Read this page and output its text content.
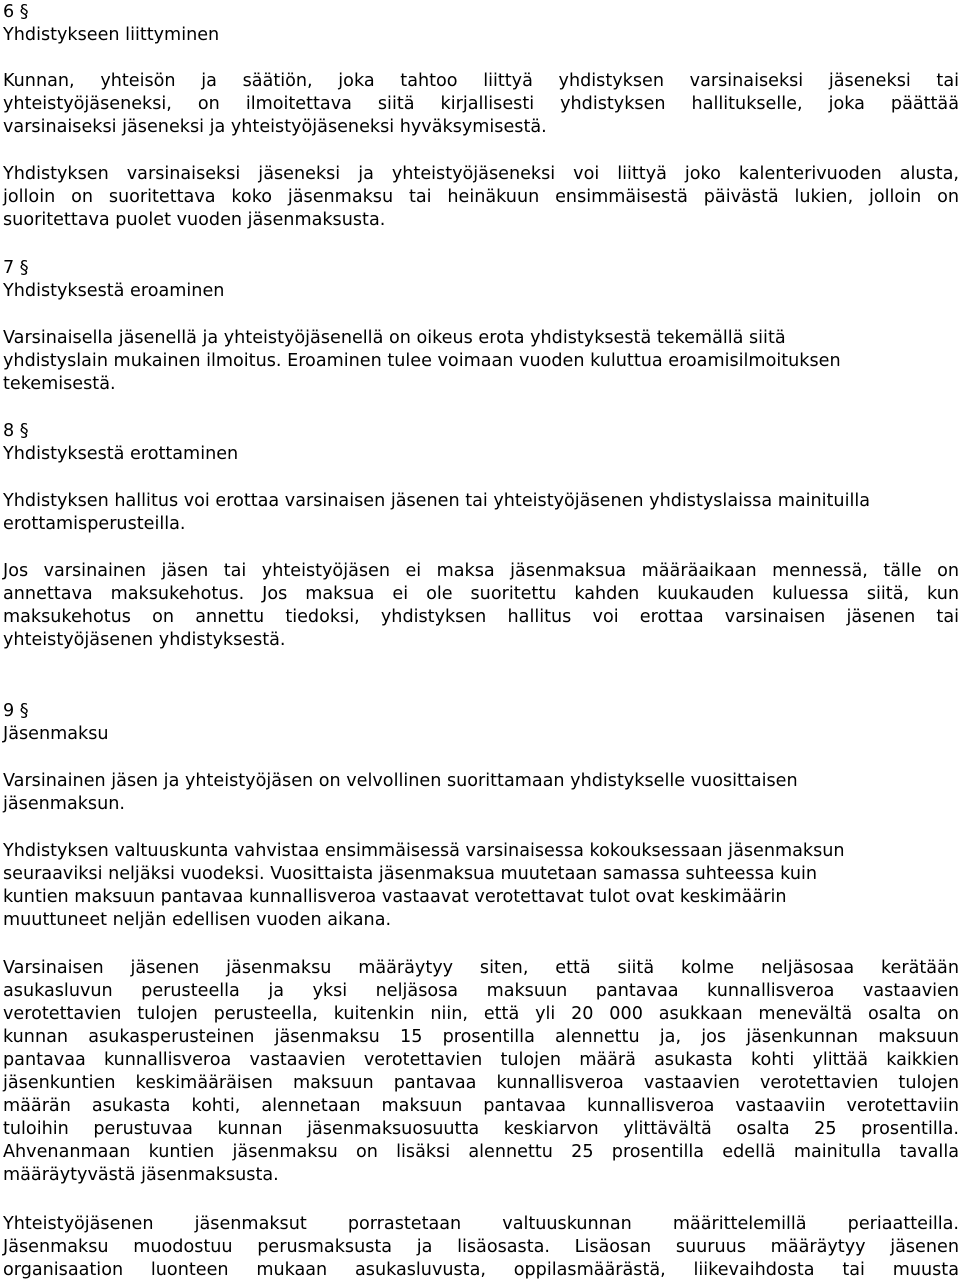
6 §
Yhdistykseen liittyminen
Kunnan, yhteisön ja säätiön, joka tahtoo liittyä yhdistyksen varsinaiseksi jäseneksi tai
yhteistyöjäseneksi, on ilmoitettava siitä kirjallisesti yhdistyksen hallitukselle, joka päättää
varsinaiseksi jäseneksi ja yhteistyöjäseneksi hyväksymisestä.
Yhdistyksen varsinaiseksi jäseneksi ja yhteistyöjäseneksi voi liittyä joko kalenterivuoden alusta,
jolloin on suoritettava koko jäsenmaksu tai heinäkuun ensimmäisestä päivästä lukien, jolloin on
suoritettava puolet vuoden jäsenmaksusta.
7 §
Yhdistyksestä eroaminen
Varsinaisella jäsenellä ja yhteistyöjäsenellä on oikeus erota yhdistyksestä tekemällä siitä
yhdistyslain mukainen ilmoitus. Eroaminen tulee voimaan vuoden kuluttua eroamisilmoituksen
tekemisestä.
8 §
Yhdistyksestä erottaminen
Yhdistyksen hallitus voi erottaa varsinaisen jäsenen tai yhteistyöjäsenen yhdistyslaissa mainituilla
erottamisperusteilla.
Jos varsinainen jäsen tai yhteistyöjäsen ei maksa jäsenmaksua määräaikaan mennessä, tälle on
annettava maksukehotus. Jos maksua ei ole suoritettu kahden kuukauden kuluessa siitä, kun
maksukehotus on annettu tiedoksi, yhdistyksen hallitus voi erottaa varsinaisen jäsenen tai
yhteistyöjäsenen yhdistyksestä.
9 §
Jäsenmaksu
Varsinainen jäsen ja yhteistyöjäsen on velvollinen suorittamaan yhdistykselle vuosittaisen
jäsenmaksun.
Yhdistyksen valtuuskunta vahvistaa ensimmäisessä varsinaisessa kokouksessaan jäsenmaksun
seuraaviksi neljäksi vuodeksi. Vuosittaista jäsenmaksua muutetaan samassa suhteessa kuin
kuntien maksuun pantavaa kunnallisveroa vastaavat verotettavat tulot ovat keskimäärin
muuttuneet neljän edellisen vuoden aikana.
Varsinaisen jäsenen jäsenmaksu määräytyy siten, että siitä kolme neljäsosaa kerätään
asukasluvun perusteella ja yksi neljäsosa maksuun pantavaa kunnallisveroa vastaavien
verotettavien tulojen perusteella, kuitenkin niin, että yli 20 000 asukkaan menevältä osalta on
kunnan asukasperusteinen jäsenmaksu 15 prosentilla alennettu ja, jos jäsenkunnan maksuun
pantavaa kunnallisveroa vastaavien verotettavien tulojen määrä asukasta kohti ylittää kaikkien
jäsenkuntien keskimääräisen maksuun pantavaa kunnallisveroa vastaavien verotettavien tulojen
määrän asukasta kohti, alennetaan maksuun pantavaa kunnallisveroa vastaaviin verotettaviin
tuloihin perustuvaa kunnan jäsenmaksuosuutta keskiarvon ylittävältä osalta 25 prosentilla.
Ahvenanmaan kuntien jäsenmaksu on lisäksi alennettu 25 prosentilla edellä mainitulla tavalla
määräytyvästä jäsenmaksusta.
Yhteistyöjäsenen jäsenmaksut porrastetaan valtuuskunnan määrittelemillä periaatteilla.
Jäsenmaksu muodostuu perusmaksusta ja lisäosasta. Lisäosan suuruus määräytyy jäsenen
organisaation luonteen mukaan asukasluvusta, oppilasmäärästä, liikevaihdosta tai muusta
